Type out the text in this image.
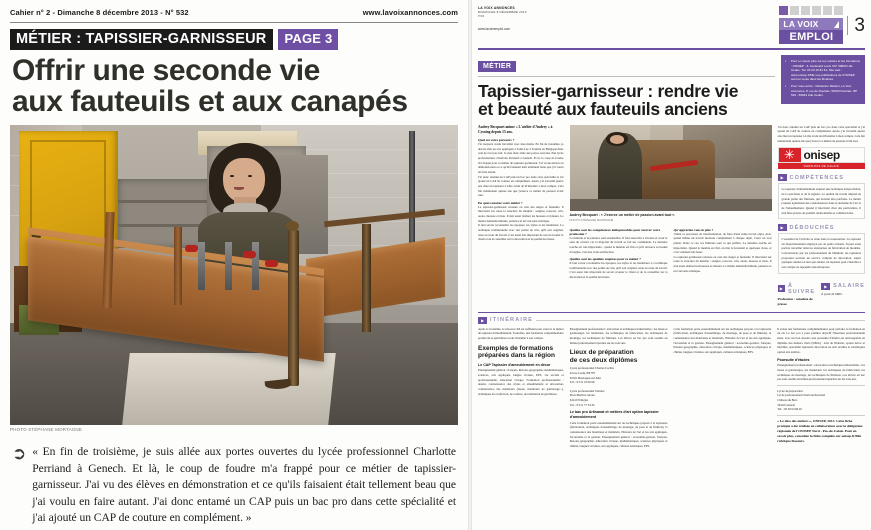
Cahier n° 2 - Dimanche 8 décembre 2013 - N° 532	www.lavoixannonces.com
MÉTIER : TAPISSIER-GARNISSEUR	PAGE 3
Offrir une seconde vie
aux fauteuils et aux canapés
PHOTO STÉPHANE MORTAGNE
➲ « En fin de troisième, je suis allée aux portes ouvertes du lycée professionnel Charlotte Perriand à Genech. Et là, le coup de foudre m'a frappé pour ce métier de tapissier-garnisseur. J'ai vu des élèves en démonstration et ce qu'ils faisaient était tellement beau que j'ai voulu en faire autant. J'ai donc entamé un CAP puis un bac pro dans cette spécialité et j'ai ajouté un CAP de couture en complément. »
LA VOIX ANNONCES
DIMANCHE 8 DÉCEMBRE 2013
P/03
www.lavoixemploi.com	LA VOIX
EMPLOI
3
MÉTIER
Tapissier-garnisseur : rendre vie
et beauté aux fauteuils anciens
▪ Pour en savoir plus sur les métiers et les formations : ONISEP - 6, boulevard Louis XIV, 59800 Lille Cedex. Tél. 03 20 15 81 61. Site web : www.onisep.fr/lille Les publications de l'ONISEP sont en vente dans les librairies.
▪ Pour nous écrire : Rédaction Métiers, La Voix Annonces, 8, rue de Roubaix, 59100 Roubaix. BP 549 - 59023 Lille Cedex.
Audrey Becquart anime « L'atelier d'Audrey » à Cysoing depuis 15 ans.
Quel est votre parcours ?
J'ai toujours voulu travailler avec mes mains. En fin de troisième, je devais aller en arts appliqués à Saint-Luc à Tournai en Belgique mais cela ne s'est pas fait. Je suis donc allée aux portes ouvertes d'un lycée professionnel, Charlotte Perriand à Genech. Et là, le coup de foudre m'a frappé pour ce métier de tapissier-garnisseur. J'ai vu des élèves en démonstration et ce qu'ils faisaient était tellement beau que j'ai voulu en faire autant.
J'ai donc entamé un CAP puis un bac pro dans cette spécialité et j'ai ajouté un CAP de couture en complément. Après, j'ai travaillé quatre ans chez un tapissier à Lille avant de m'installer à mon compte. Cela fait maintenant quinze ans que j'exerce ce métier de passion avant tout.
En quoi consiste votre métier ?
Le tapissier-garnisseur restaure ou crée des sièges et fauteuils. Il intervient sur toute la structure du meuble : sangles, ressorts, crin, ouate, mousse et tissu. Il doit aussi réaliser les housses et rideaux. Le métier demande minutie, patience et un vrai sens artistique.
Il faut savoir reconnaître les époques, les styles et les matériaux. La technique traditionnelle avec des points de crin, qu'il soit original, reste au cœur du travail. C'est aussi très important de savoir écouter le client et de le conseiller sur la décoration et la qualité des tissus.
Audrey Becquart : « J'exerce un métier de passion avant tout ».
PHOTO STÉPHANE MORTAGNE
Quelles sont les compétences indispensables pour exercer votre profession ?
La minutie et la patience sont essentielles. Il faut aussi être à l'écoute et avoir le sens du contact car la majorité du travail se fait sur commande. La dernière touche est très importante : quand le meuble est fini et qu'il retrouve sa beauté d'origine, c'est une vraie satisfaction.
Quelles sont les qualités requises pour ce métier ?
Il faut savoir reconnaître les époques, les styles et les matériaux. La technique traditionnelle avec des points de crin, qu'il soit original, reste au cœur du travail. C'est aussi très important de savoir écouter le client et de le conseiller sur la décoration et la qualité des tissus.
Qu'appréciez-vous le plus ?
J'aime ce processus de transformation, de faire d'une ruine un bel objet. Avec quand même un travail modeste complément à chaque objet. Créer un vrai plaisir. Dans ce cas, les finitions sont ce qui préfère. La dernière touche est importante. Quand le meuble est fini, on met le festonail et quelques clous, et c'est vraiment très beau.
Le tapissier-garnisseur restaure ou crée des sièges et fauteuils. Il intervient sur toute la structure du meuble : sangles, ressorts, crin, ouate, mousse et tissu. Il doit aussi réaliser les housses et rideaux. Le métier demande minutie, patience et un vrai sens artistique.
J'ai donc entamé un CAP puis un bac pro dans cette spécialité et j'ai ajouté un CAP de couture en complément. Après, j'ai travaillé quatre ans chez un tapissier à Lille avant de m'installer à mon compte. Cela fait maintenant quinze ans que j'exerce ce métier de passion avant tout.
✳ onisep
NORD-PAS DE CALAIS
▶	COMPÉTENCES
Le tapissier d'ameublement requiert une technique irréprochable, de la précision et de la rigueur. La qualité du travail dépend en grande partie des finitions, qui doivent être parfaites. Le métier requiert également des connaissances dans le domaine de l'art et de l'ameublement. Quand il intervient chez des particuliers, il doit faire preuve de qualités relationnelles et commerciales.
▶	DÉBOUCHÉS
L'essentiel de l'activité se situe dans la restauration. Le tapissier est majoritairement employé par de petits artisans. Il peut aussi parfois travailler dans les entreprises de fabrication de modèles. Concurrencés par les professionnels du bâtiment, les tapissiers proposent souvent un service complet de décoration. Après quelques années en tant que salarié, un tapissier peut s'installer à son compte ou reprendre une entreprise.
▶ À SUIVRE
Profession : attachée de presse
▶	SALAIRE
À partir du SMIC.
▶	ITINÉRAIRE
Après la troisième, le niveau CAP est suffisant pour exercer le métier de tapissier d'ameublement. Toutefois, une formation complémentaire permet de se spécialiser ou de s'installer à son compte.
Exemples de formations
préparées dans la région
Le CAP Tapissier d'ameublement en décor
Enseignement général : français, histoire-géographie, mathématiques, sciences, arts appliqués, langue vivante, EPS, vie sociale et professionnelle, éducation civique. Formation professionnelle : dessin, connaissance des styles et ameublement et décoration, connaissance des matériaux (tissus, matériaux de garnissage...), techniques de confection, de couture, de réalisation de garnitures.
Enseignement professionnel : extraction et techniques industrielles : les tissus et garnissages, les matériaux, les techniques de fabrication, les techniques de montage, les techniques de finitions. Les élèves en bac pro sont soumis en milieu professionnel réparties sur les trois ans.
Lieux de préparation
de ces deux diplômes
Lycée professionnel Charles Cachin
42 rue Cazin, BP 787
62321 Boulogne-sur-Mer
Tél. : 03 21 10 06 66
Lycée professionnel Voltaire
Place Berlin Ladoux
62410 Wingles
Tél. : 03 21 77 34 34
Le bac pro Artisanat et métiers d'art option tapissier d'ameublement
Cette formation porte essentiellement sur les techniques propres à la tapisserie (fabrication, techniques d'assemblage, de montage, de pose et de finition), la connaissance des matériaux et matériels, l'histoire de l'art et les arts appliqués, l'économie et la gestion. Enseignement général : économie-gestion, français, histoire-géographie, éducation civique, mathématiques, sciences physiques et chimie, langues vivantes, arts appliqués, cultures artistiques, EPS.
Cette formation porte essentiellement sur les techniques propres à la tapisserie (fabrication, techniques d'assemblage, de montage, de pose et de finition), la connaissance des matériaux et matériels, l'histoire de l'art et les arts appliqués, l'économie et la gestion. Enseignement général : économie-gestion, français, histoire-géographie, éducation civique, mathématiques, sciences physiques et chimie, langues vivantes, arts appliqués, cultures artistiques, EPS.
Il existe des formations complémentaires pour parfaire sa formation en un an. Le bac pro a pour premier objectif l'insertion professionnelle mais, avec un bon dossier, une poursuite d'études est envisageable en diplôme des métiers d'arts (DMA) : Arts de l'habitat, option décor et mobilier, spécialité tapisserie décoration ou Arts textiles et céramiques option arts textiles.
Poursuite d'études
Enseignement professionnel : extraction et techniques industrielles : les tissus et garnissages, les matériaux, les techniques de fabrication, les techniques de montage, les techniques de finitions. Les élèves en bac pro sont soumis en milieu professionnel réparties sur les trois ans.
Lycée de préparation
Lycée professionnel Charlotte Perriand
Château du Bois
59242 Genech
Tél. : 03 20 64 66 20
« Le dico des métiers », ONISEP, 2013. Cette fiche pratique a été réalisée en collaboration avec la délégation régionale de l'ONISEP Nord - Pas-de-Calais. Pour en savoir plus, consultez la fiche complète sur onisep.fr/lille rubrique Dossiers.
